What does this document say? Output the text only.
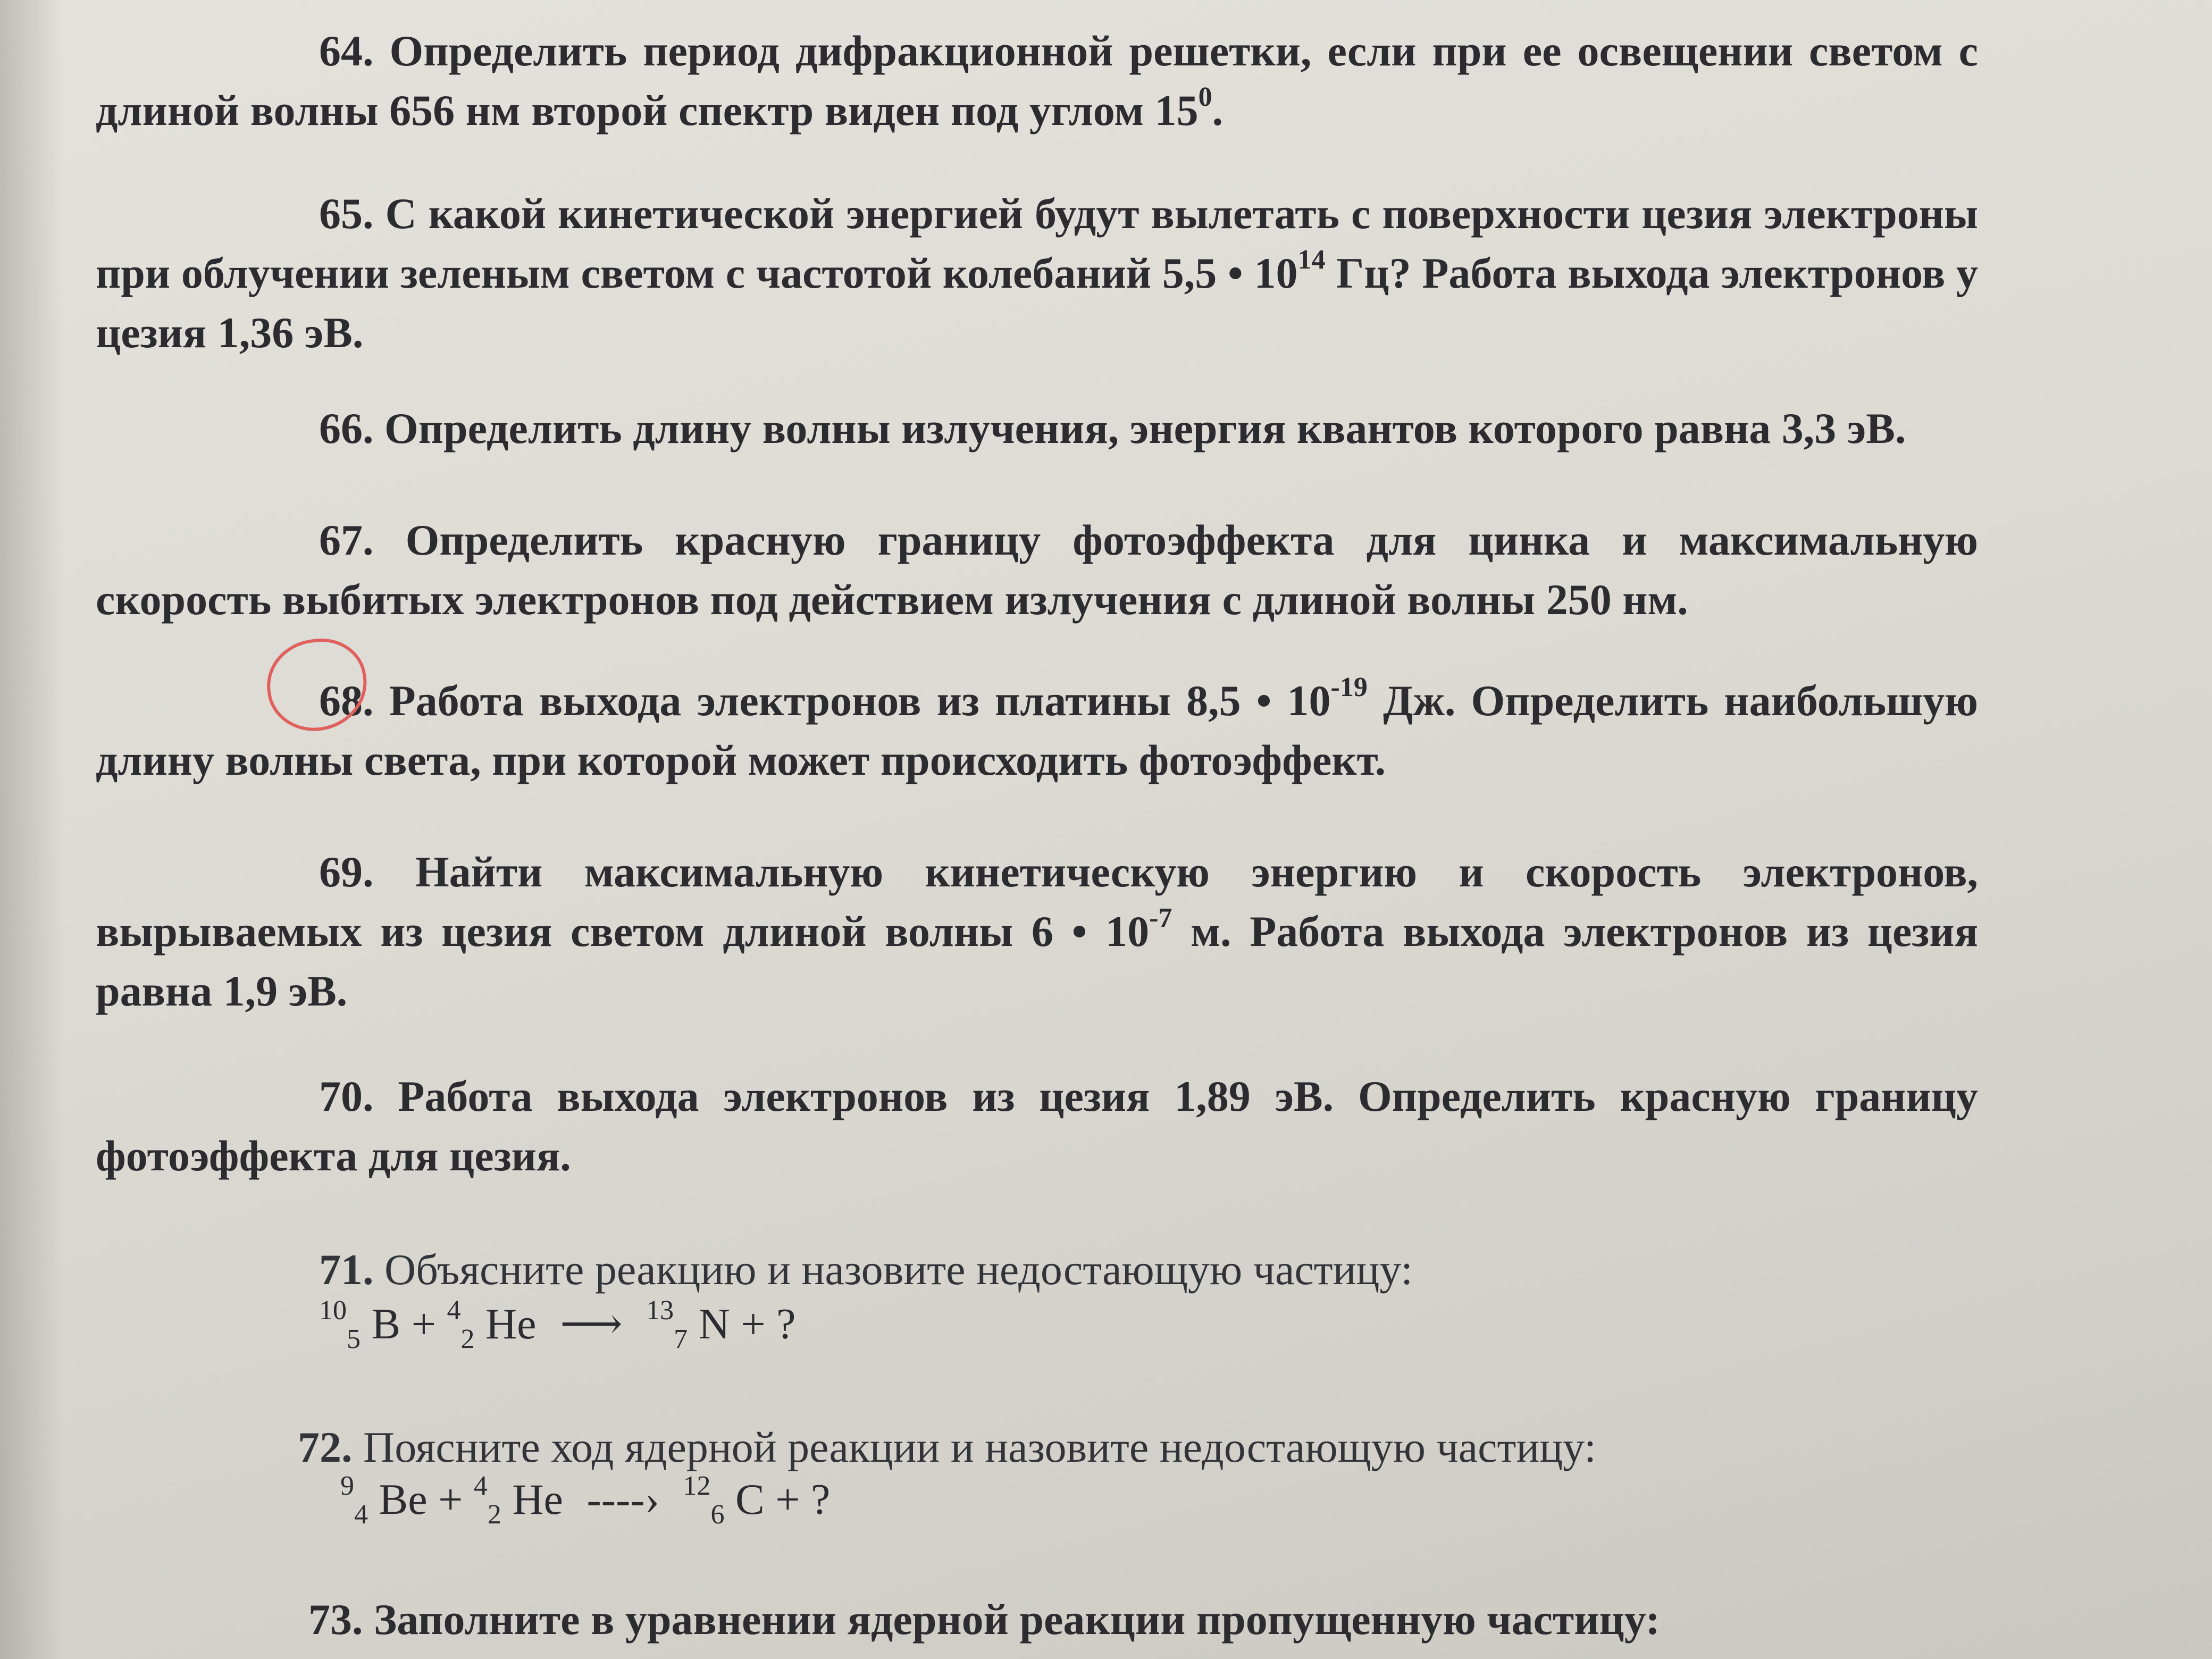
64. Определить период дифракционной решетки, если при ее освещении светом с длиной волны 656 нм второй спектр виден под углом $15^0$.
65. С какой кинетической энергией будут вылетать с поверхности цезия электроны при облучении зеленым светом с частотой колебаний 5,5 • $10^{14}$ Гц? Работа выхода электронов у цезия 1,36 эВ.
66. Определить длину волны излучения, энергия квантов которого равна 3,3 эВ.
67. Определить красную границу фотоэффекта для цинка и максимальную скорость выбитых электронов под действием излучения с длиной волны 250 нм.
68. Работа выхода электронов из платины 8,5 • $10^{-19}$ Дж. Определить наибольшую длину волны света, при которой может происходить фотоэффект.
69. Найти максимальную кинетическую энергию и скорость электронов, вырываемых из цезия светом длиной волны 6 • $10^{-7}$ м. Работа выхода электронов из цезия равна 1,9 эВ.
70. Работа выхода электронов из цезия 1,89 эВ. Определить красную границу фотоэффекта для цезия.
71. Объясните реакцию и назовите недостающую частицу:
$^{10}_5$ B + $^4_2$ He ⟶ $^{13}_7$ N + ?
72. Поясните ход ядерной реакции и назовите недостающую частицу:
$^9_4$ Be + $^4_2$ He ‑‑‑‑› $^{12}_6$ C + ?
73. Заполните в уравнении ядерной реакции пропущенную частицу:
